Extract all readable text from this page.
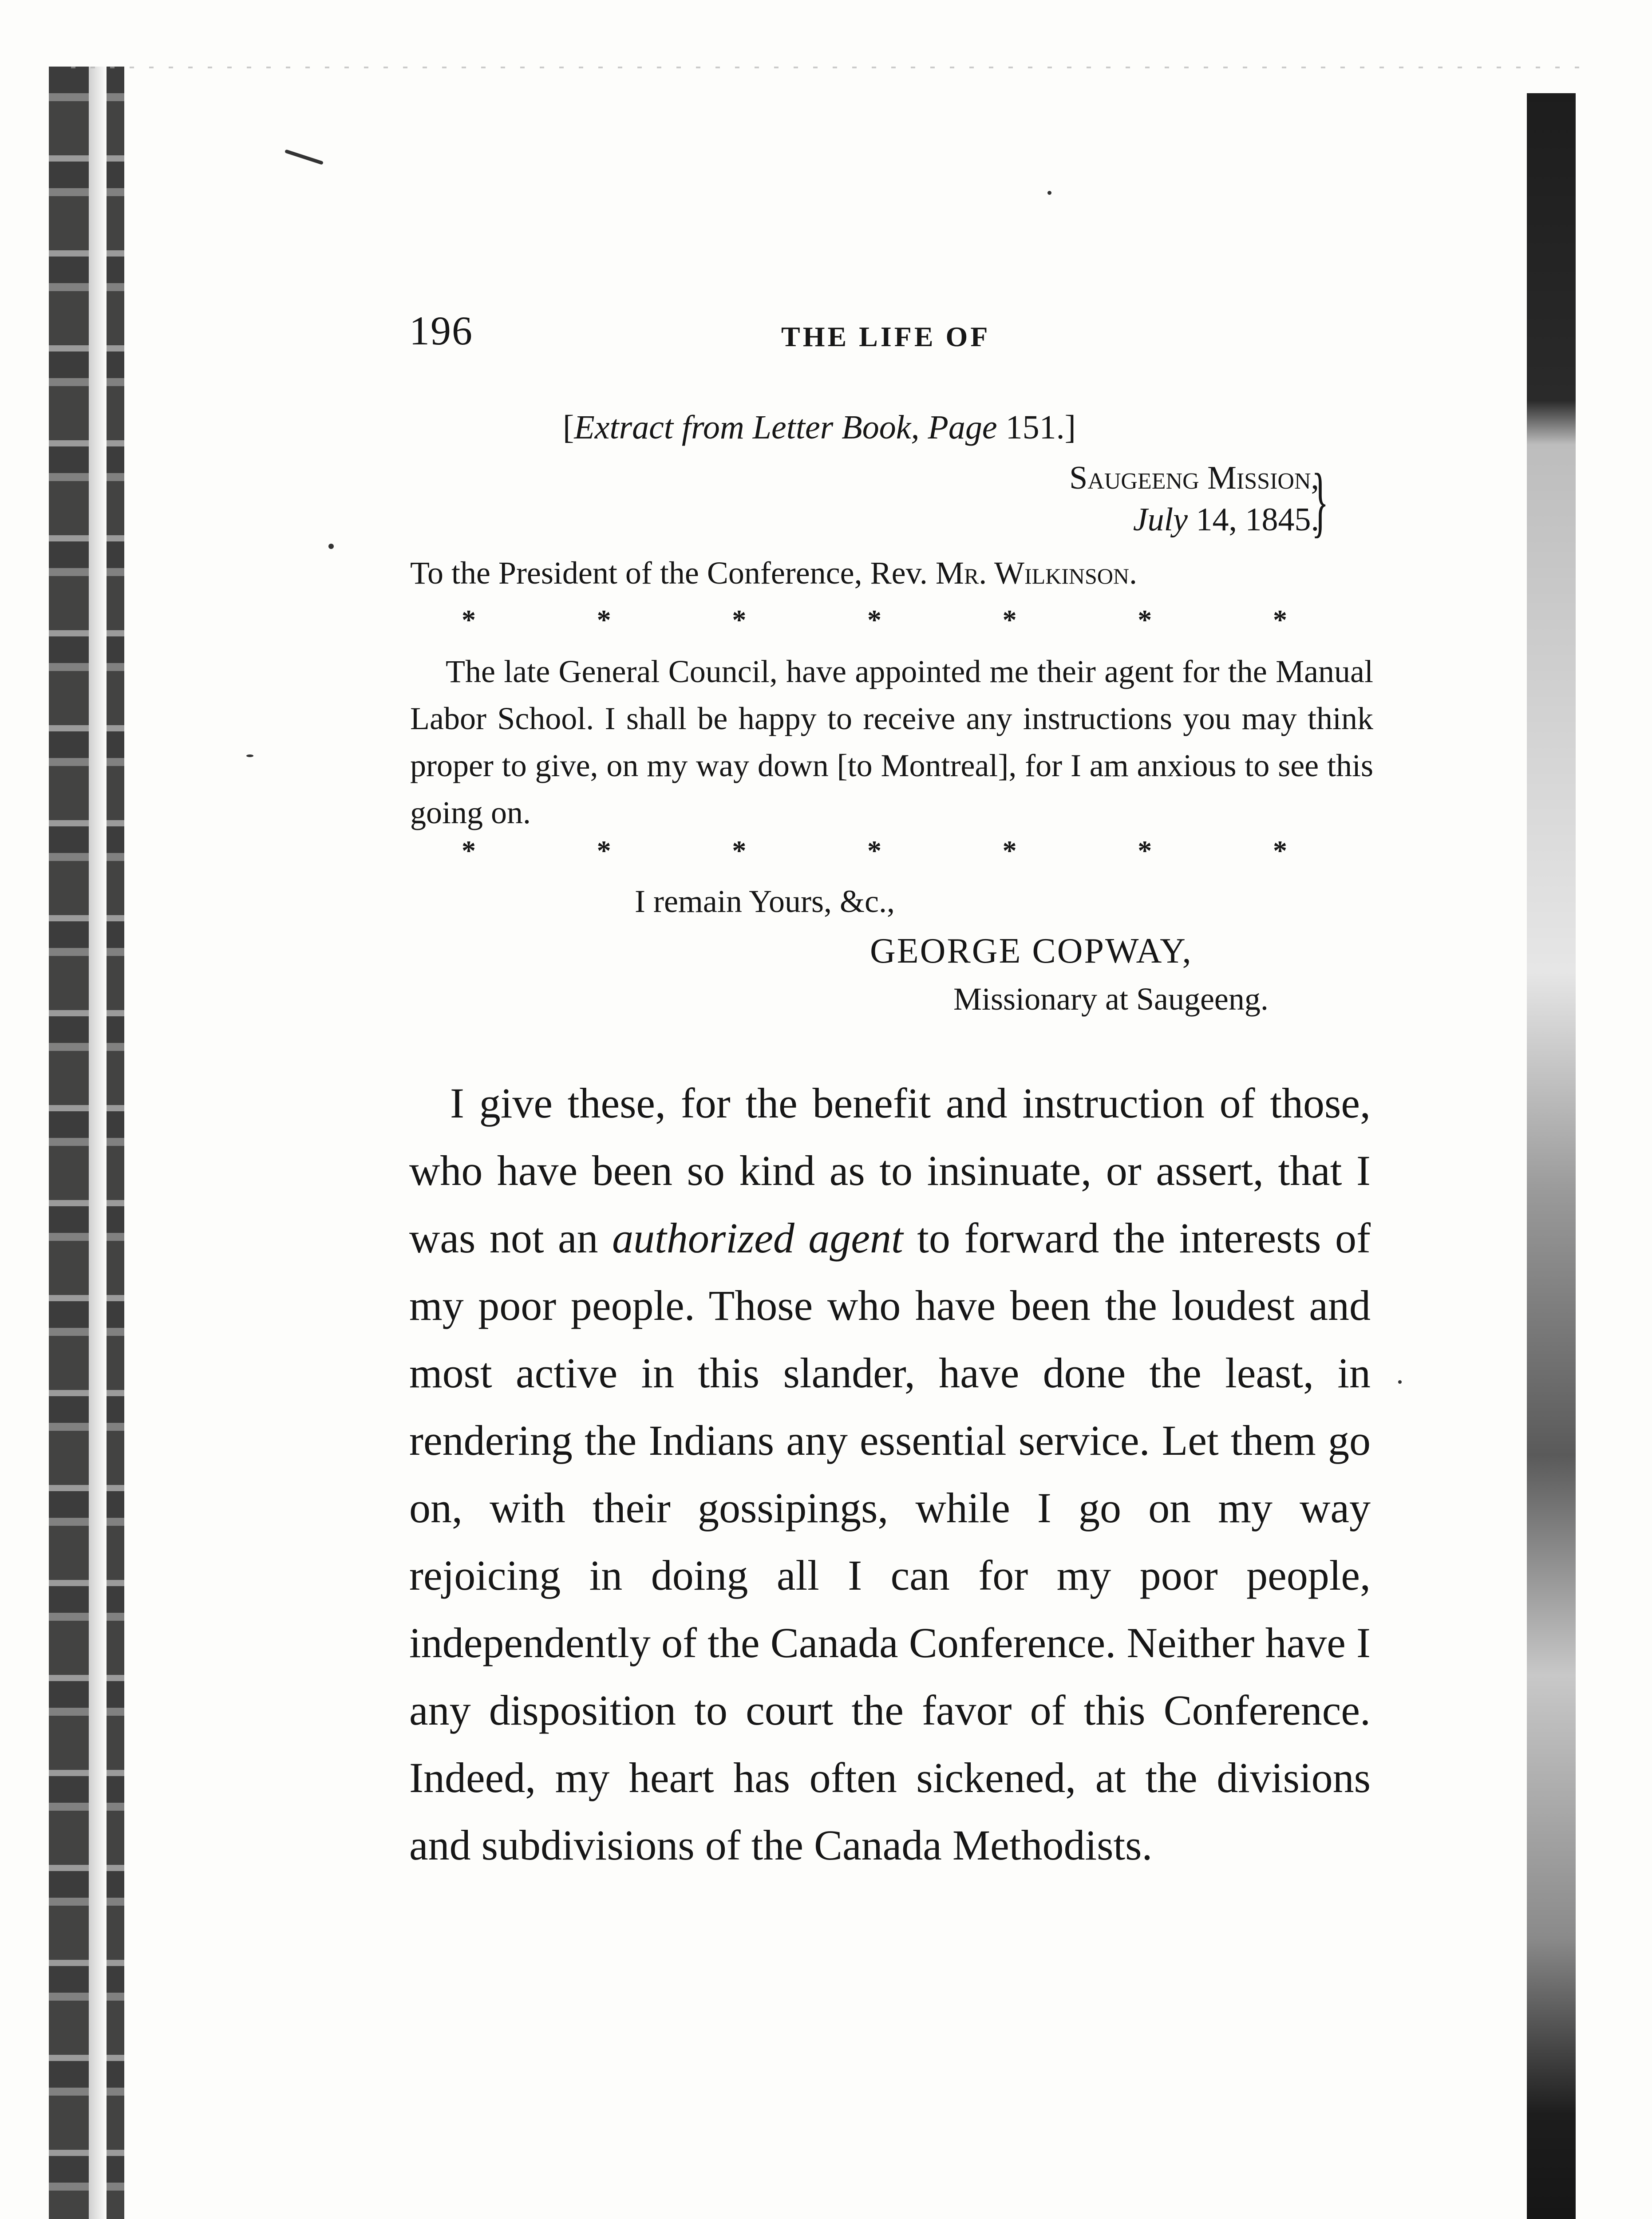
196	THE LIFE OF
[Extract from Letter Book, Page 151.]
Saugeeng Mission,
July 14, 1845.
}
To the President of the Conference, Rev. Mr. Wilkinson.
*	*	*	*	*	*	*

The late General Council, have appointed me their agent for the Manual Labor School. I shall be happy to receive any instructions you may think proper to give, on my way down [to Montreal], for I am anxious to see this going on.

*	*	*	*	*	*	*
I remain Yours, &c.,
GEORGE COPWAY,
Missionary at Saugeeng.

I give these, for the benefit and instruction of those, who have been so kind as to insinuate, or assert, that I was not an authorized agent to forward the interests of my poor people. Those who have been the loudest and most active in this slander, have done the least, in rendering the Indians any essential service. Let them go on, with their gossipings, while I go on my way rejoicing in doing all I can for my poor people, independently of the Canada Conference. Neither have I any disposition to court the favor of this Conference. Indeed, my heart has often sickened, at the divisions and subdivisions of the Canada Methodists.
